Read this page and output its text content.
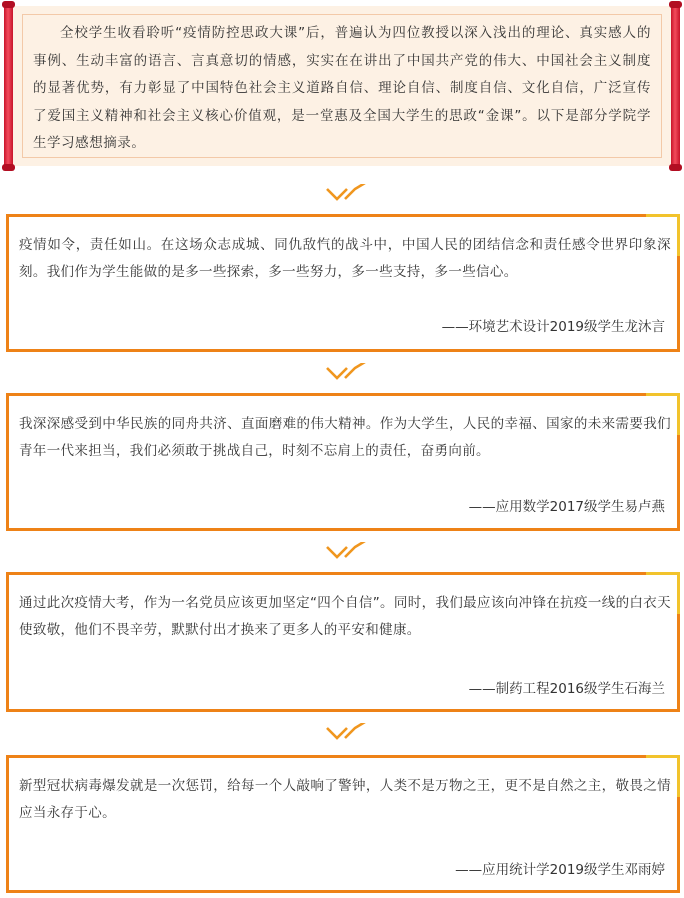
全校学生收看聆听“疫情防控思政大课”后，普遍认为四位教授以深入浅出的理论、真实感人的事例、生动丰富的语言、言真意切的情感，实实在在讲出了中国共产党的伟大、中国社会主义制度的显著优势，有力彰显了中国特色社会主义道路自信、理论自信、制度自信、文化自信，广泛宣传了爱国主义精神和社会主义核心价值观，是一堂惠及全国大学生的思政“金课”。以下是部分学院学生学习感想摘录。

疫情如令，责任如山。在这场众志成城、同仇敌忾的战斗中，中国人民的团结信念和责任感令世界印象深刻。我们作为学生能做的是多一些探索，多一些努力，多一些支持，多一些信心。

——环境艺术设计2019级学生龙沐言

我深深感受到中华民族的同舟共济、直面磨难的伟大精神。作为大学生，人民的幸福、国家的未来需要我们青年一代来担当，我们必须敢于挑战自己，时刻不忘肩上的责任，奋勇向前。

——应用数学2017级学生易卢燕

通过此次疫情大考，作为一名党员应该更加坚定“四个自信”。同时，我们最应该向冲锋在抗疫一线的白衣天使致敬，他们不畏辛劳，默默付出才换来了更多人的平安和健康。

——制药工程2016级学生石海兰

新型冠状病毒爆发就是一次惩罚，给每一个人敲响了警钟，人类不是万物之王，更不是自然之主，敬畏之情应当永存于心。

——应用统计学2019级学生邓雨婷
